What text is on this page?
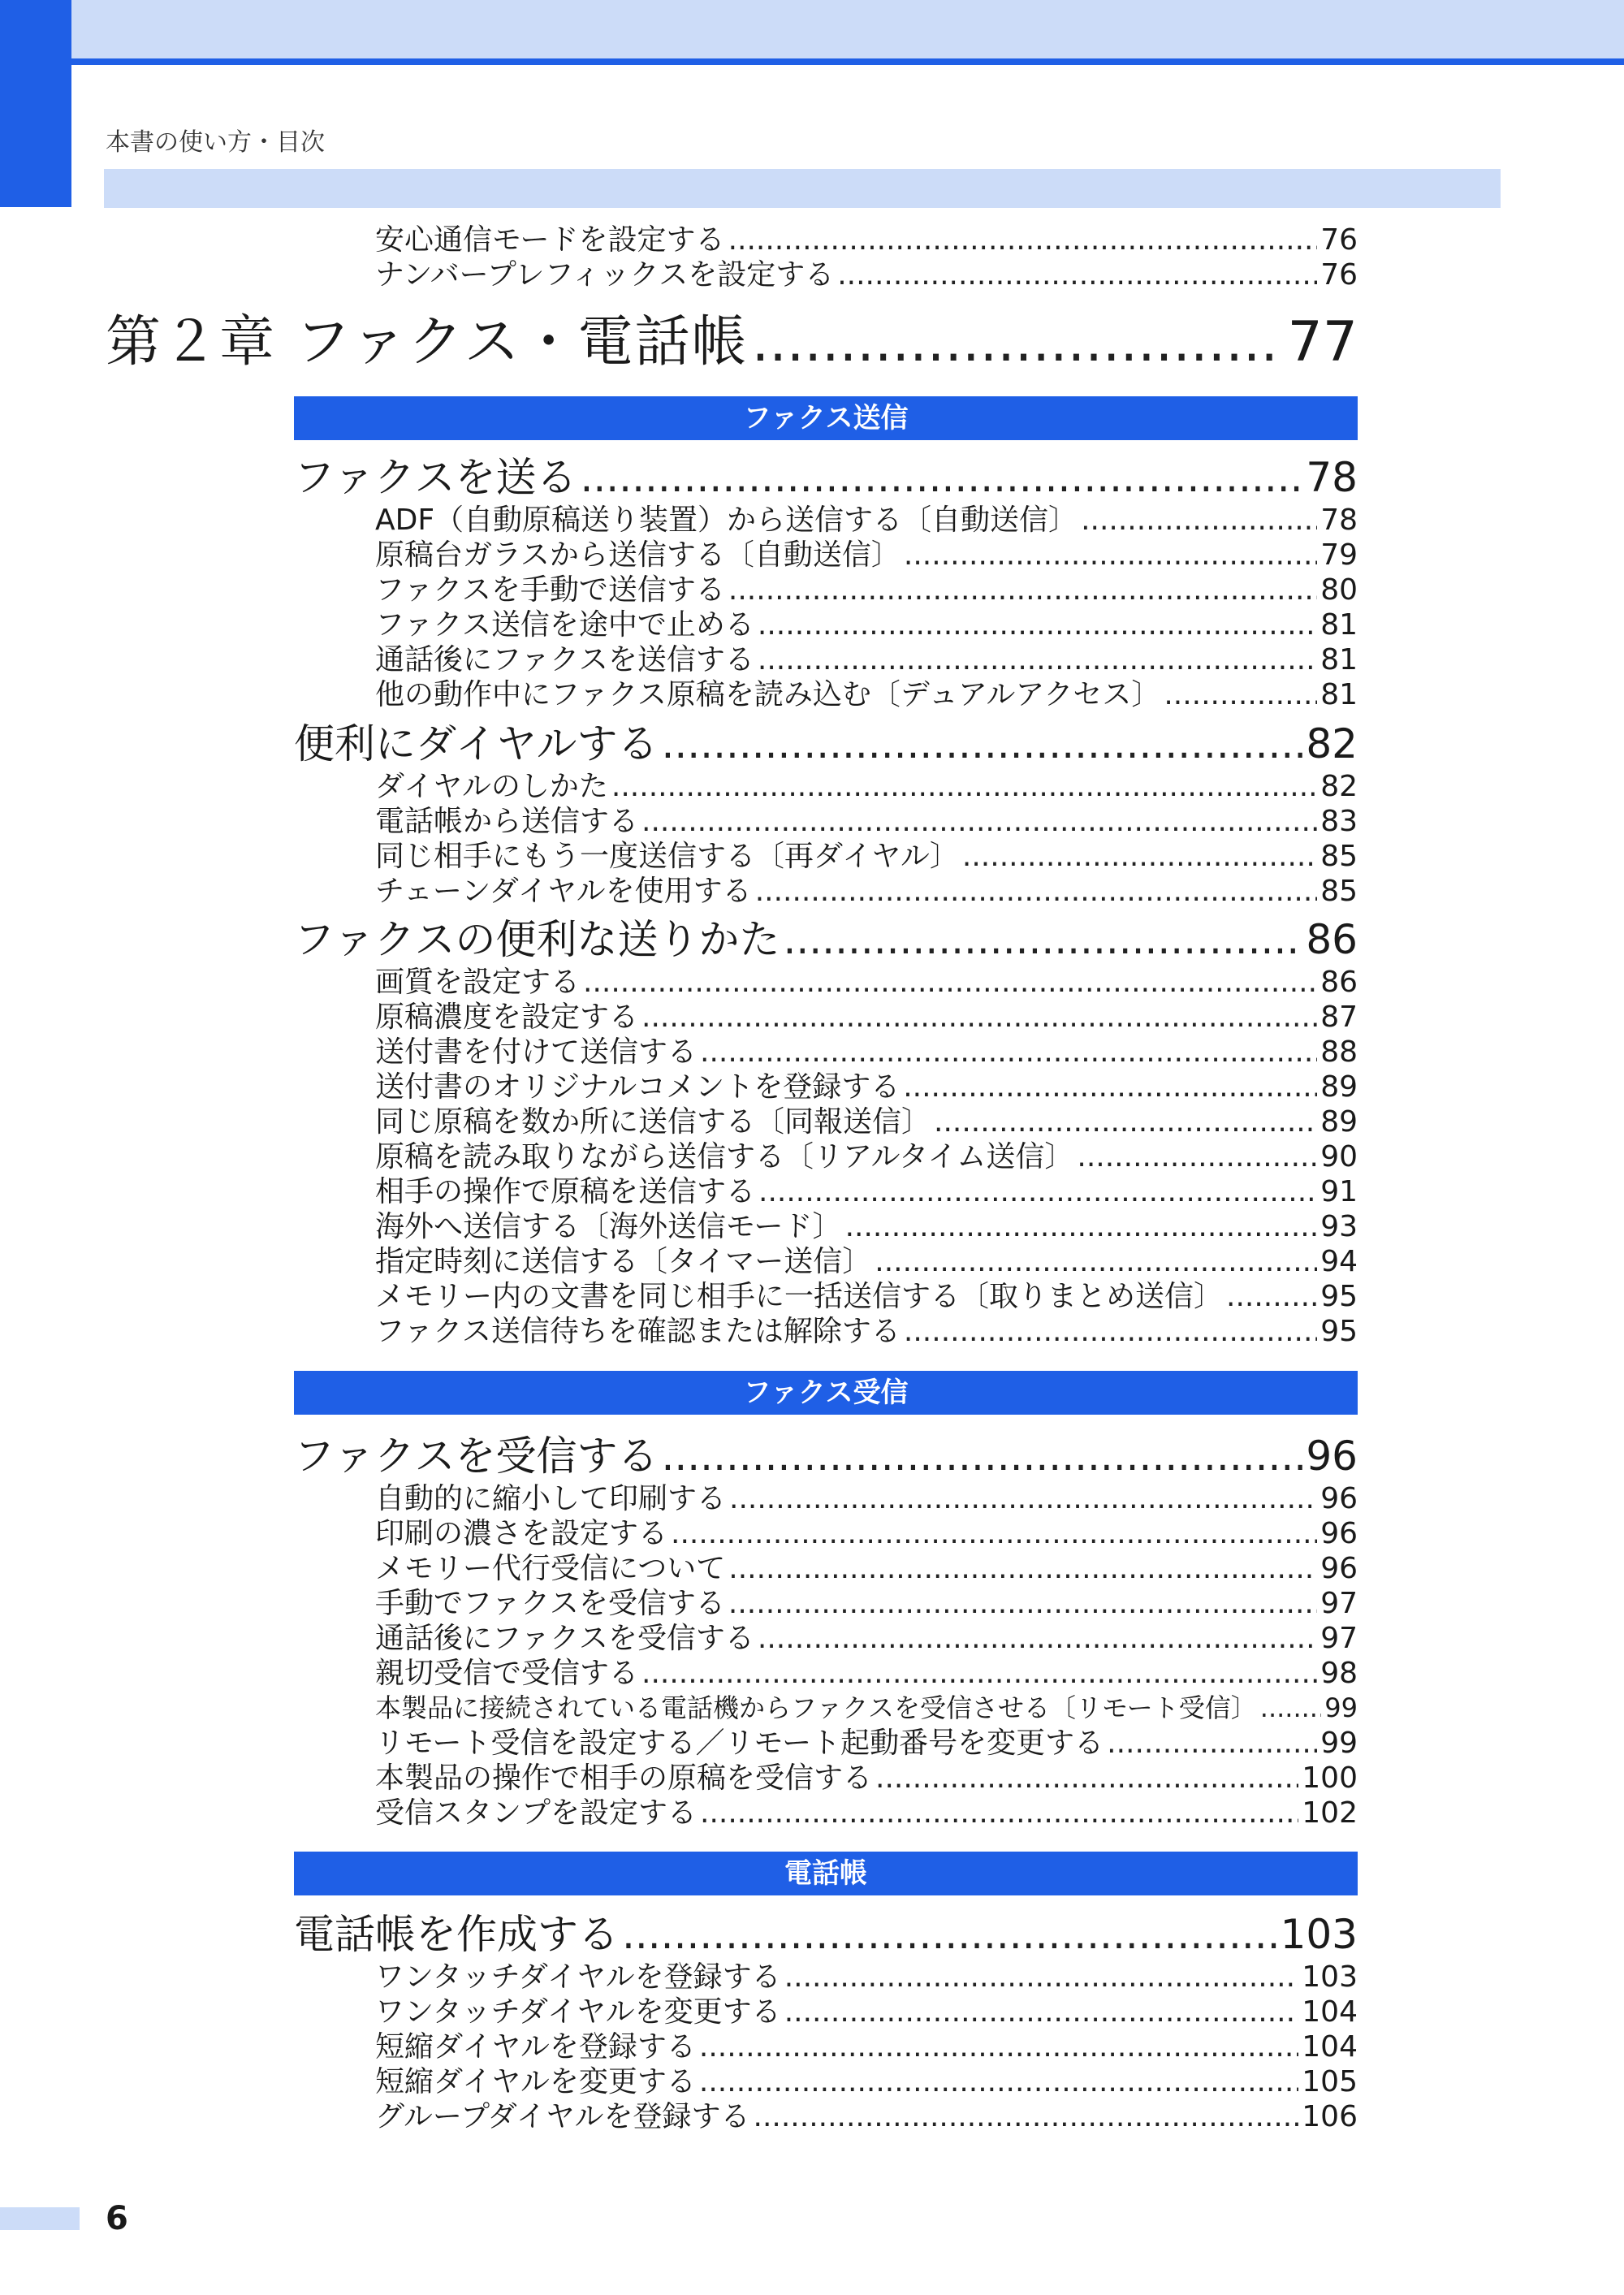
本書の使い方・目次
安心通信モードを設定する .....	76
ナンバープレフィックスを設定する .....	76
第２章 ファクス・電話帳 .....	77
ファクス送信
ファクスを送る .....	78
ADF（自動原稿送り装置）から送信する〔自動送信〕 .....	78
原稿台ガラスから送信する〔自動送信〕 .....	79
ファクスを手動で送信する .....	80
ファクス送信を途中で止める .....	81
通話後にファクスを送信する .....	81
他の動作中にファクス原稿を読み込む〔デュアルアクセス〕 .....	81
便利にダイヤルする .....	82
ダイヤルのしかた .....	82
電話帳から送信する .....	83
同じ相手にもう一度送信する〔再ダイヤル〕 .....	85
チェーンダイヤルを使用する .....	85
ファクスの便利な送りかた .....	86
画質を設定する .....	86
原稿濃度を設定する .....	87
送付書を付けて送信する .....	88
送付書のオリジナルコメントを登録する .....	89
同じ原稿を数か所に送信する〔同報送信〕 .....	89
原稿を読み取りながら送信する〔リアルタイム送信〕 .....	90
相手の操作で原稿を送信する .....	91
海外へ送信する〔海外送信モード〕 .....	93
指定時刻に送信する〔タイマー送信〕 .....	94
メモリー内の文書を同じ相手に一括送信する〔取りまとめ送信〕 .....	95
ファクス送信待ちを確認または解除する .....	95
ファクス受信
ファクスを受信する .....	96
自動的に縮小して印刷する .....	96
印刷の濃さを設定する .....	96
メモリー代行受信について .....	96
手動でファクスを受信する .....	97
通話後にファクスを受信する .....	97
親切受信で受信する .....	98
本製品に接続されている電話機からファクスを受信させる〔リモート受信〕 .....	99
リモート受信を設定する／リモート起動番号を変更する .....	99
本製品の操作で相手の原稿を受信する .....	100
受信スタンプを設定する .....	102
電話帳
電話帳を作成する .....	103
ワンタッチダイヤルを登録する .....	103
ワンタッチダイヤルを変更する .....	104
短縮ダイヤルを登録する .....	104
短縮ダイヤルを変更する .....	105
グループダイヤルを登録する .....	106
6
